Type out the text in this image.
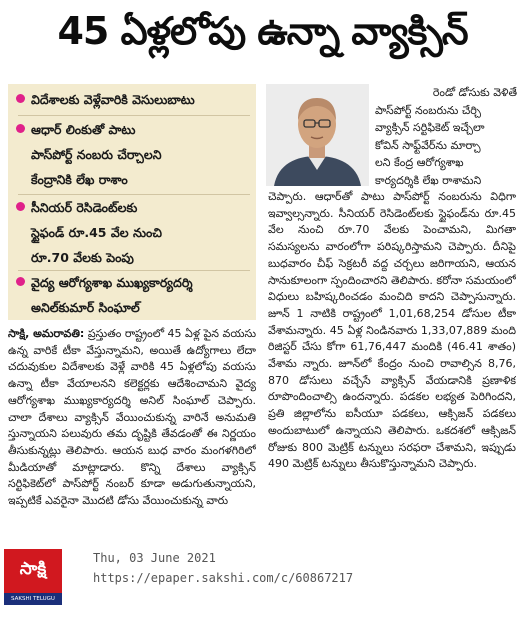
45 ఏళ్లలోపు ఉన్నా వ్యాక్సిన్
విదేశాలకు వెళ్లేవారికి వెసులుబాటు
ఆధార్ లింకుతో పాటు
పాస్‌పోర్ట్ నంబరు చేర్చాలని
కేంద్రానికి లేఖ రాశాం
సీనియర్ రెసిడెంట్‌లకు
స్టైఫండ్ రూ.45 వేల నుంచి
రూ.70 వేలకు పెంపు
వైద్య ఆరోగ్యశాఖ ముఖ్యకార్యదర్శి
అనిల్‌కుమార్ సింఘాల్
రెండో డోసుకు వెళితే
పాస్‌పోర్ట్ నంబరును చేర్చి
వ్యాక్సిన్ సర్టిఫికెట్ ఇచ్చేలా
కోవిన్ సాఫ్ట్‌వేర్‌ను మార్చా
లని కేంద్ర ఆరోగ్యశాఖ
కార్యదర్శికి లేఖ రాశామని
చెప్పారు. ఆధార్‌తో పాటు పాస్‌పోర్ట్ నంబరును విధిగా ఇవ్వాల్సన్నారు. సీనియర్ రెసిడెంట్‌లకు స్టైఫండ్‌ను రూ.45 వేల నుంచి రూ.70 వేలకు పెంచామని, మిగతా సమస్యలను వారంలోగా పరిష్కరిస్తామని చెప్పారు. దీనిపై బుధవారం చీఫ్ సెక్రటరీ వద్ద చర్చలు జరిగాయని, ఆయన సానుకూలంగా స్పందించారని తెలిపారు. కరోనా సమయంలో విధులు బహిష్కరించడం మంచిది కాదని చెప్పాసున్నారు. జూన్ 1 నాటికి రాష్ట్రంలో 1,01,68,254 డోసుల టీకా వేశామన్నారు. 45 ఏళ్ల నిండినవారు 1,33,07,889 మంది రిజిస్టర్ చేసు కోగా 61,76,447 మందికి (46.41 శాతం) వేశామ న్నారు. జూన్‌లో కేంద్రం నుంచి రావాల్సిన 8,76, 870 డోసులు వచ్చేసే వ్యాక్సిన్ వేయడానికి ప్రణాళిక రూపొందించాల్సి ఉందన్నారు. పడకల లభ్యత పెరిగిందని, ప్రతి జిల్లాలోను ఐసీయూ పడకలు, ఆక్సిజన్ పడకలు అందుబాటులో ఉన్నాయని తెలిపారు. ఒకదశలో ఆక్సిజన్ రోజుకు 800 మెట్రిక్ టన్నులు సరఫరా చేశామని, ఇప్పుడు 490 మెట్రిక్ టన్నులు తీసుకొస్తున్నామని చెప్పారు.
సాక్షి, అమరావతి: ప్రస్తుతం రాష్ట్రంలో 45 ఏళ్ల పైన వయసు ఉన్న వారికే టీకా వేస్తున్నామని, అయితే ఉద్యోగాలు లేదా చదువుకుల విదేశాలకు వెళ్లే వారికి 45 ఏళ్లలోపు వయసు ఉన్నా టీకా వేయాలనని కలెక్టర్లకు ఆదేశించామని వైద్య ఆరోగ్యశాఖ ముఖ్యకార్యదర్శి అనిల్ సింఘాల్ చెప్పారు. చాలా దేశాలు వ్యాక్సిన్ వేయించుకున్న వారినే అనుమతి స్తున్నాయని పలువురు తమ దృష్టికి తేవడంతో ఈ నిర్ణయం తీసుకున్నట్లు తెలిపారు. ఆయన బుధ వారం మంగళగిరిలో మీడియాతో మాట్లాడారు. కొన్ని దేశాలు వ్యాక్సిన్ సర్టిఫికెట్‌లో పాస్‌పోర్ట్ నంబర్ కూడా అడుగుతున్నాయని, ఇప్పటికే ఎవరైనా మొదటి డోసు వేయించుకున్న వారు
సాక్షి
SAKSHI TELUGU DAILY
Thu, 03 June 2021
https://epaper.sakshi.com/c/60867217
